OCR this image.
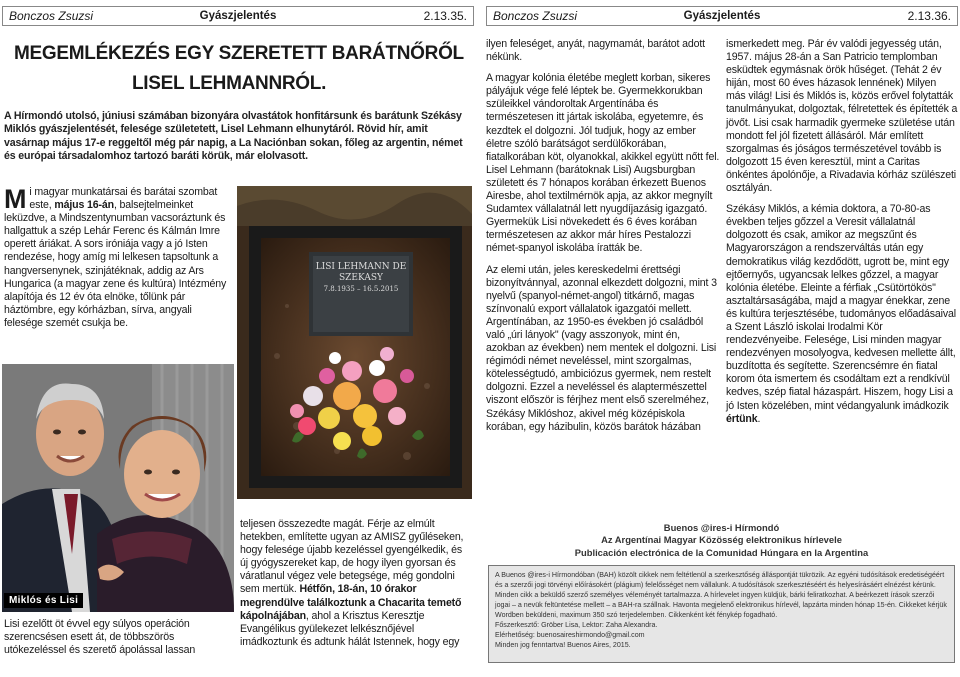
Bonczos Zsuzsi	Gyászjelentés	2.13.35.
MEGEMLÉKEZÉS EGY SZERETETT BARÁTNŐRŐL
LISEL LEHMANNRÓL.
A Hírmondó utolsó, júniusi számában bizonyára olvastátok honfitársunk és barátunk Székásy Miklós gyászjelentését, felesége születetett, Lisel Lehmann elhunytáról. Rövid hír, amit vasárnap május 17-e reggeltől még pár napig, a La Naciónban sokan, főleg az argentin, német és európai társadalomhoz tartozó baráti körük, már elolvasott.
Mi magyar munkatársai és barátai szombat este, május 16-án, balsejtelmeinket leküzdve, a Mindszentynumban vacsoráztunk és hallgattuk a szép Lehár Ferenc és Kálmán Imre operett áriákat. A sors iróniája vagy a jó Isten rendezése, hogy amíg mi lelkesen tapsoltunk a hangversenynek, szinjátéknak, addig az Ars Hungarica (a magyar zene és kultúra) Intézmény alapítója és 12 év óta elnöke, tőlünk pár háztömbre, egy kórházban, sírva, angyali felesége szemét csukja be.
LISI LEHMANN DE SZEKASY
7.8.1935 – 16.5.2015
Miklós és Lisi
Lisi ezelőtt öt évvel egy súlyos operáción szerencsésen esett át, de többszörös utókezeléssel és szerető ápolással lassan
teljesen összezedte magát. Férje az elmúlt hetekben, említette ugyan az AMISZ gyűléseken, hogy felesége újabb kezeléssel gyengélkedik, és új gyógyszereket kap, de hogy ilyen gyorsan és váratlanul végez vele betegsége, még gondolni sem mertük. Hétfőn, 18-án, 10 órakor megrendülve találkoztunk a Chacarita temető kápolnájában, ahol a Krisztus Keresztje Evangélikus gyülekezet lelkésznőjével imádkoztunk és adtunk hálát Istennek, hogy egy
Bonczos Zsuzsi	Gyászjelentés	2.13.36.

ilyen feleséget, anyát, nagymamát, barátot adott nékünk.

A magyar kolónia életébe meglett korban, sikeres pályájuk vége felé léptek be. Gyermekkorukban szüleikkel vándoroltak Argentínába és természetesen itt jártak iskolába, egyetemre, és kezdtek el dolgozni. Jól tudjuk, hogy az ember életre szóló barátságot serdülőkorában, fiatalkorában köt, olyanokkal, akikkel együtt nőtt fel. Lisel Lehmann (barátoknak Lisi) Augsburgban született és 7 hónapos korában érkezett Buenos Airesbe, ahol textilmérnök apja, az akkor megnyílt Sudamtex vállalatnál lett nyugdíjazásig igazgató. Gyermekük Lisi növekedett és 6 éves korában természetesen az akkor már híres Pestalozzi német-spanyol iskolába íratták be.

Az elemi után, jeles kereskedelmi érettségi bizonyítvánnyal, azonnal elkezdett dolgozni, mint 3 nyelvű (spanyol-német-angol) titkárnő, magas színvonalú export vállalatok igazgatói mellett. Argentínában, az 1950-es években jó családból való „úri lányok" (vagy asszonyok, mint én, azokban az években) nem mentek el dolgozni. Lisi régimódi német neveléssel, mint szorgalmas, kötelességtudó, ambiciózus gyermek, nem restelt dolgozni. Ezzel a neveléssel és alaptermészettel viszont először is férjhez ment első szerelméhez, Székásy Miklóshoz, akivel még középiskola korában, egy házibulin, közös barátok házában

ismerkedett meg. Pár év valódi jegyesség után, 1957. május 28-án a San Patricio templomban esküdtek egymásnak örök hűséget. (Tehát 2 év hiján, most 60 éves házasok lennének) Milyen más világ! Lisi és Miklós is, közös erővel folytatták tanulmányukat, dolgoztak, félretettek és építették a jövőt. Lisi csak harmadik gyermeke születése után mondott fel jól fizetett állásáról. Már említett szorgalmas és jóságos természetével tovább is dolgozott 15 éven keresztül, mint a Caritas önkéntes ápolónője, a Rivadavia kórház szülészeti osztályán.

Székásy Miklós, a kémia doktora, a 70-80-as években teljes gőzzel a Veresit vállalatnál dolgozott és csak, amikor az megszűnt és Magyarországon a rendszerváltás után egy demokratikus világ kezdődött, ugrott be, mint egy ejtőernyős, ugyancsak lelkes gőzzel, a magyar kolónia életébe. Eleinte a férfiak „Csütörtökös" asztaltársaságába, majd a magyar énekkar, zene és kultúra terjesztésébe, tudományos előadásaival a Szent László iskolai Irodalmi Kör rendezvényeibe. Felesége, Lisi minden magyar rendezvényen mosolyogva, kedvesen mellette állt, buzdította és segítette. Szerencsémre én fiatal korom óta ismertem és csodáltam ezt a rendkívül kedves, szép fiatal házaspárt. Hiszem, hogy Lisi a jó Isten közelében, mint védangyalunk imádkozik értünk.

Buenos @ires-i Hírmondó
Az Argentínai Magyar Közösség elektronikus hírlevele
Publicación electrónica de la Comunidad Húngara en la Argentina
A Buenos @ires-i Hírmondóban (BAH) közölt cikkek nem feltétlenül a szerkesztőség álláspontját tükrözik. Az egyéni tudósítások eredetiségéért és a szerzői jogi törvényi előírásokért (plágium) felelősséget nem vállalunk. A tudósítások szerkesztéséért és helyesírásáért elnézést kérünk. Minden cikk a beküldő szerző személyes véleményét tartalmazza. A hírlevelet ingyen küldjük, bárki feliratkozhat. A beérkezett írások szerzői jogai – a nevük feltüntetése mellett – a BAH-ra szállnak. Havonta megjelenő elektronikus hírlevél, lapzárta minden hónap 15-én. Cikkeket kérjük Wordben beküldeni, maximum 350 szó terjedelemben. Cikkenként két fénykép fogadható.
Főszerkesztő: Gröber Lisa, Lektor: Zaha Alexandra.
Elérhetőség: buenosaireshirmondo@gmail.com
Minden jog fenntartva! Buenos Aires, 2015.
